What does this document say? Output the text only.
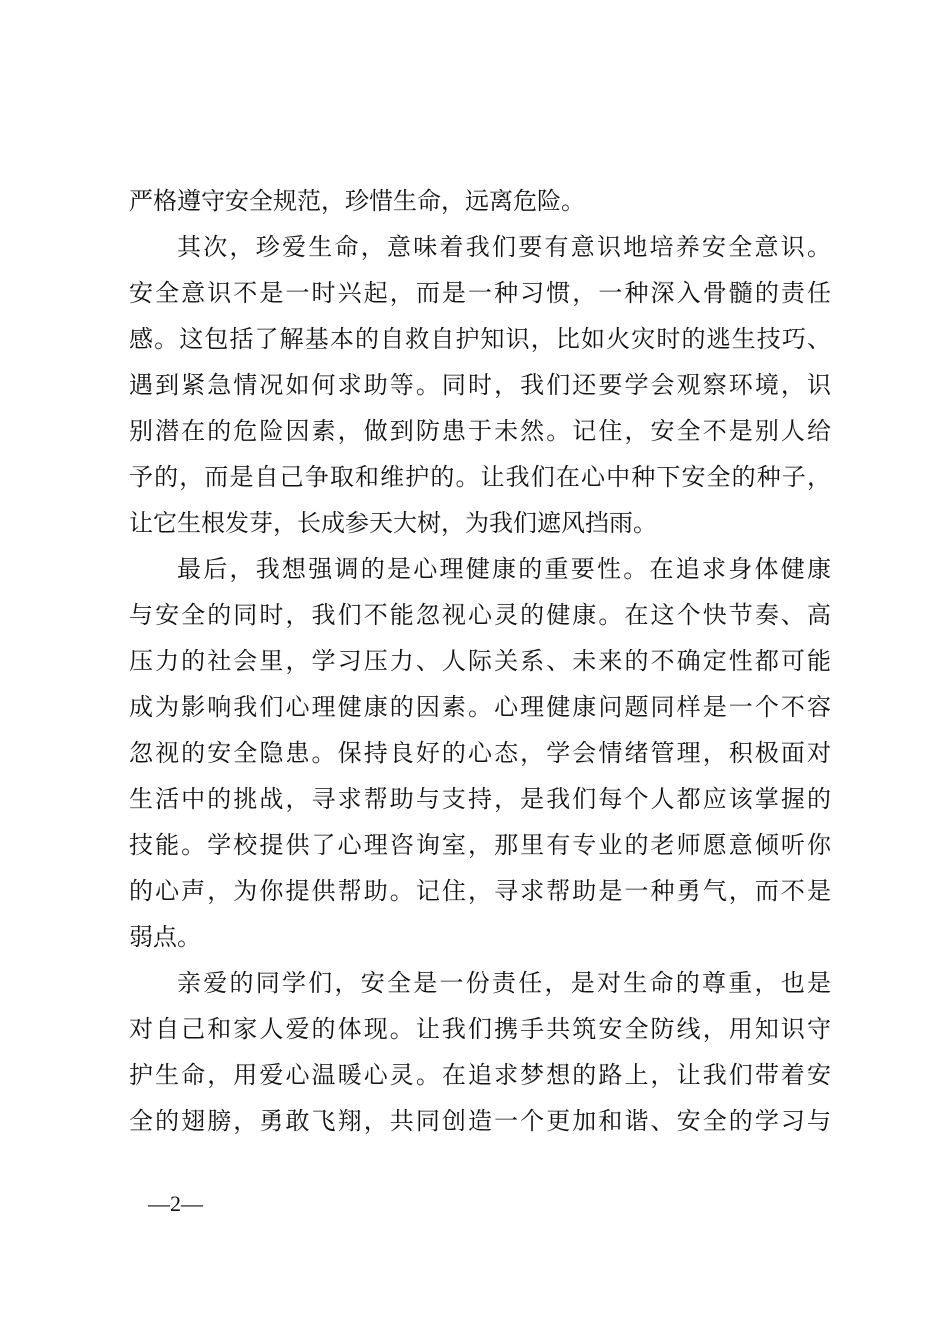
严格遵守安全规范，珍惜生命，远离危险。
其次，珍爱生命，意味着我们要有意识地培养安全意识。
安全意识不是一时兴起，而是一种习惯，一种深入骨髓的责任
感。这包括了解基本的自救自护知识，比如火灾时的逃生技巧、
遇到紧急情况如何求助等。同时，我们还要学会观察环境，识
别潜在的危险因素，做到防患于未然。记住，安全不是别人给
予的，而是自己争取和维护的。让我们在心中种下安全的种子，
让它生根发芽，长成参天大树，为我们遮风挡雨。
最后，我想强调的是心理健康的重要性。在追求身体健康
与安全的同时，我们不能忽视心灵的健康。在这个快节奏、高
压力的社会里，学习压力、人际关系、未来的不确定性都可能
成为影响我们心理健康的因素。心理健康问题同样是一个不容
忽视的安全隐患。保持良好的心态，学会情绪管理，积极面对
生活中的挑战，寻求帮助与支持，是我们每个人都应该掌握的
技能。学校提供了心理咨询室，那里有专业的老师愿意倾听你
的心声，为你提供帮助。记住，寻求帮助是一种勇气，而不是
弱点。
亲爱的同学们，安全是一份责任，是对生命的尊重，也是
对自己和家人爱的体现。让我们携手共筑安全防线，用知识守
护生命，用爱心温暖心灵。在追求梦想的路上，让我们带着安
全的翅膀，勇敢飞翔，共同创造一个更加和谐、安全的学习与
—2—
